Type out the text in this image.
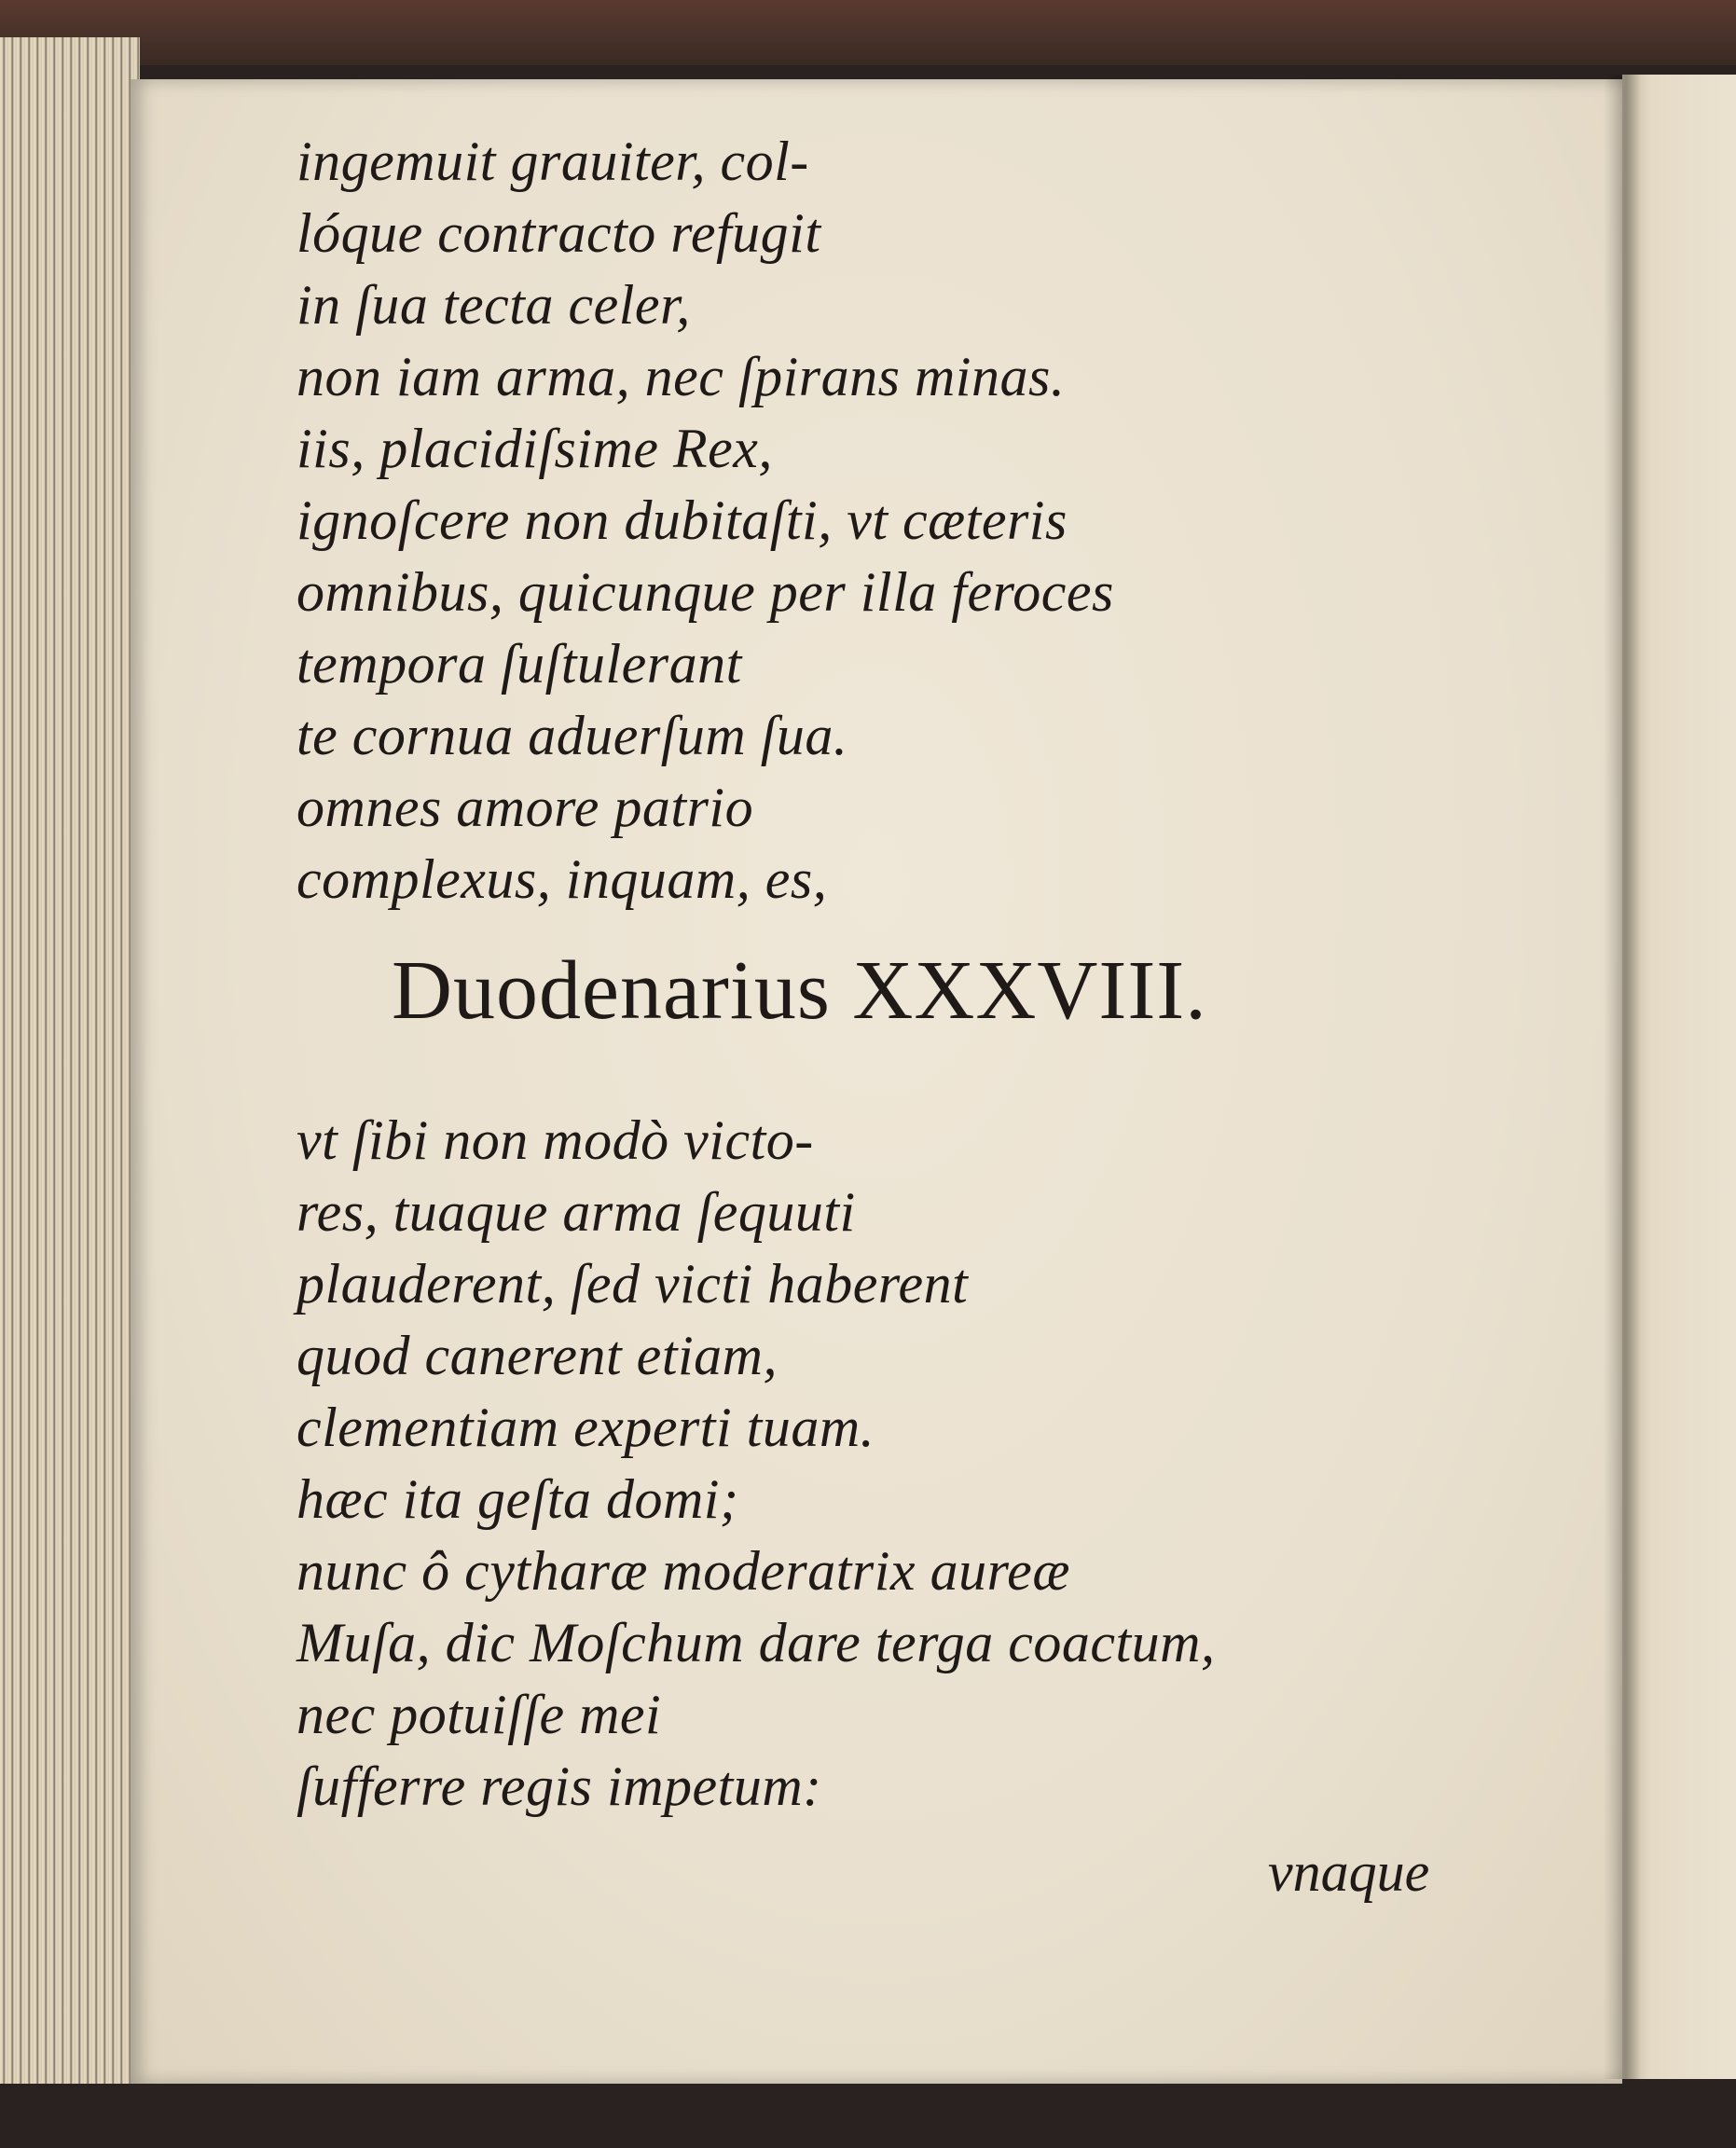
ingemuit grauiter, col-
lóque contracto refugit
in ſua tecta celer,
non iam arma, nec ſpirans minas.
iis, placidiſsime Rex,
ignoſcere non dubitaſti, vt cæteris
omnibus, quicunque per illa feroces
tempora ſuſtulerant
te cornua aduerſum ſua.
omnes amore patrio
complexus, inquam, es,
Duodenarius XXXVIII.
vt ſibi non modò victo-
res, tuaque arma ſequuti
plauderent, ſed victi haberent
quod canerent etiam,
clementiam experti tuam.
hæc ita geſta domi;
nunc ô cytharæ moderatrix aureæ
Muſa, dic Moſchum dare terga coactum,
nec potuiſſe mei
ſufferre regis impetum:
vnaque
